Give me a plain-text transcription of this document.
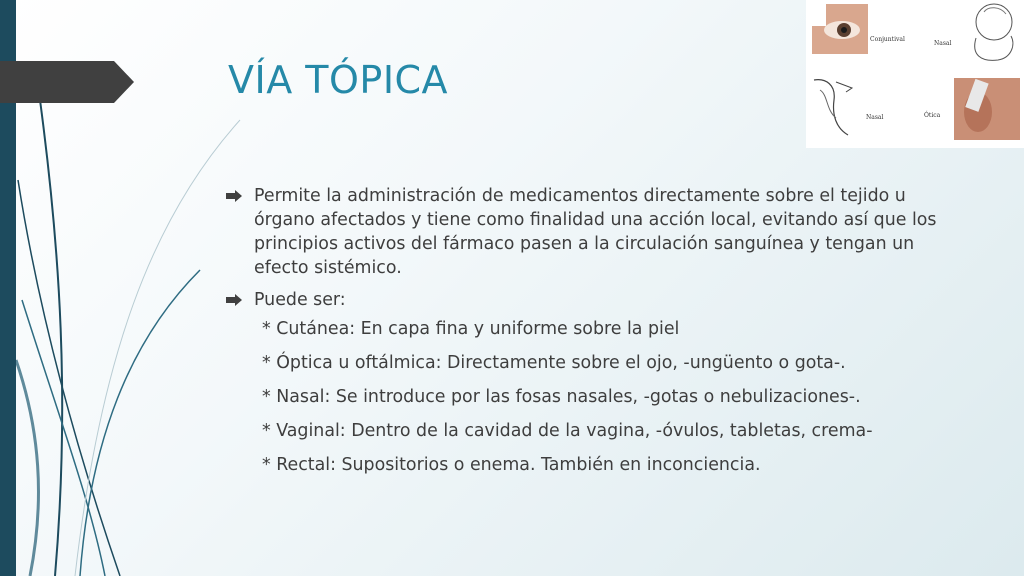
VÍA TÓPICA
Conjuntival
Nasal
Nasal	Ótica
Permite la administración de medicamentos directamente sobre el tejido u órgano afectados y tiene como finalidad una acción local, evitando así que los principios activos del fármaco pasen a la circulación sanguínea y tengan un efecto sistémico.
Puede ser:
* Cutánea: En capa fina y uniforme sobre la piel
* Óptica u oftálmica: Directamente sobre el ojo, -ungüento o gota-.
* Nasal: Se introduce por las fosas nasales, -gotas o nebulizaciones-.
* Vaginal: Dentro de la cavidad de la vagina, -óvulos, tabletas, crema-
* Rectal: Supositorios o enema. También en inconciencia.
